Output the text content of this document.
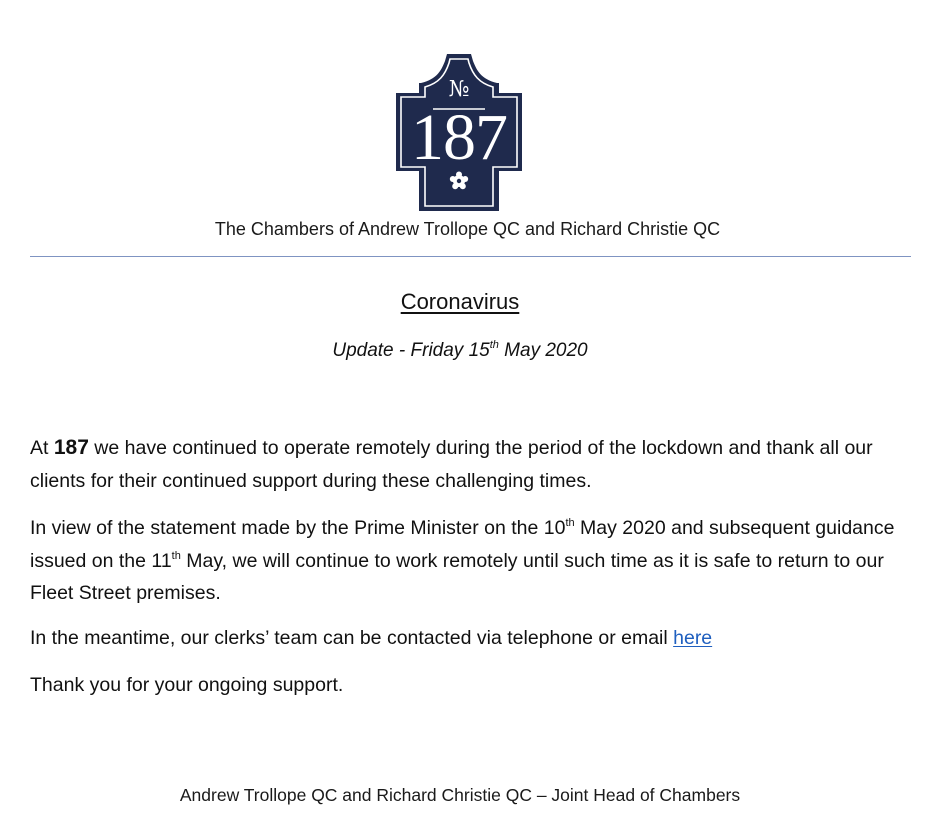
№
187
The Chambers of Andrew Trollope QC and Richard Christie QC
Coronavirus
Update - Friday 15th May 2020

At 187 we have continued to operate remotely during the period of the lockdown and thank all our clients for their continued support during these challenging times.

In view of the statement made by the Prime Minister on the 10th May 2020 and subsequent guidance issued on the 11th May, we will continue to work remotely until such time as it is safe to return to our Fleet Street premises.

In the meantime, our clerks’ team can be contacted via telephone or email here

Thank you for your ongoing support.

Andrew Trollope QC and Richard Christie QC – Joint Head of Chambers
